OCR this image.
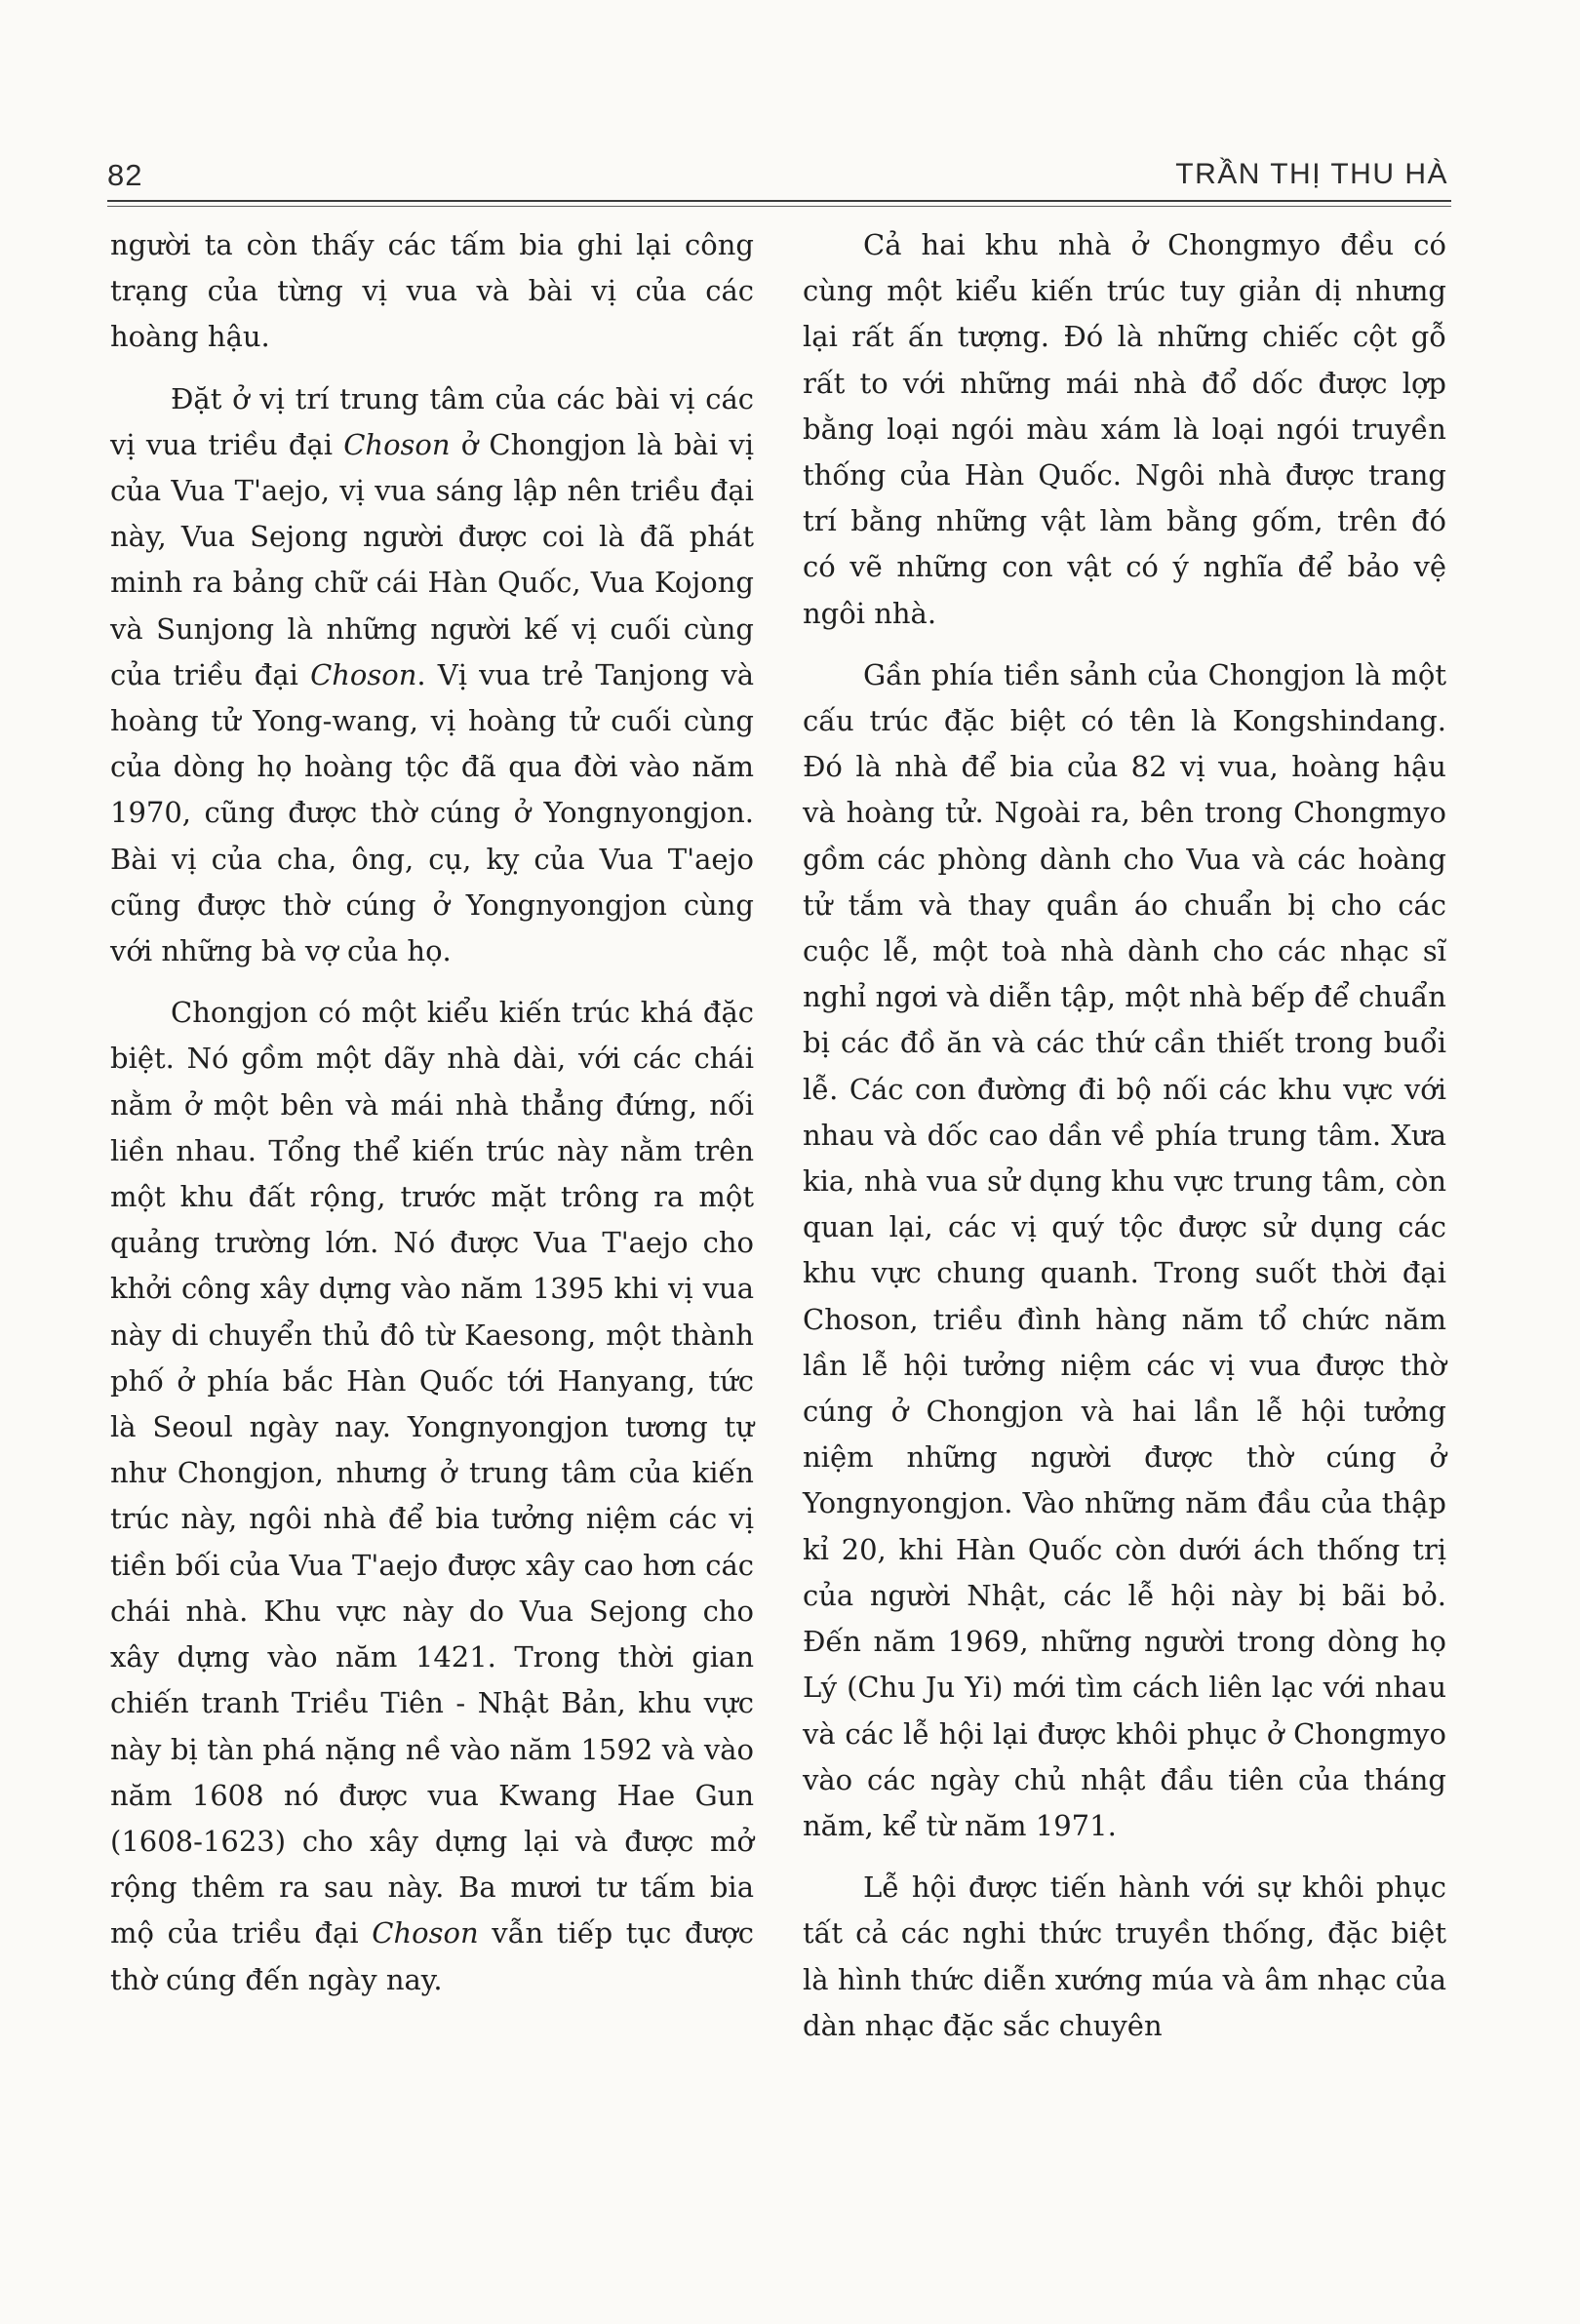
82	TRẦN THỊ THU HÀ

người ta còn thấy các tấm bia ghi lại công trạng của từng vị vua và bài vị của các hoàng hậu.

Đặt ở vị trí trung tâm của các bài vị các vị vua triều đại Choson ở Chongjon là bài vị của Vua T'aejo, vị vua sáng lập nên triều đại này, Vua Sejong người được coi là đã phát minh ra bảng chữ cái Hàn Quốc, Vua Kojong và Sunjong là những người kế vị cuối cùng của triều đại Choson. Vị vua trẻ Tanjong và hoàng tử Yong-wang, vị hoàng tử cuối cùng của dòng họ hoàng tộc đã qua đời vào năm 1970, cũng được thờ cúng ở Yongnyongjon. Bài vị của cha, ông, cụ, kỵ của Vua T'aejo cũng được thờ cúng ở Yongnyongjon cùng với những bà vợ của họ.

Chongjon có một kiểu kiến trúc khá đặc biệt. Nó gồm một dãy nhà dài, với các chái nằm ở một bên và mái nhà thẳng đứng, nối liền nhau. Tổng thể kiến trúc này nằm trên một khu đất rộng, trước mặt trông ra một quảng trường lớn. Nó được Vua T'aejo cho khởi công xây dựng vào năm 1395 khi vị vua này di chuyển thủ đô từ Kaesong, một thành phố ở phía bắc Hàn Quốc tới Hanyang, tức là Seoul ngày nay. Yongnyongjon tương tự như Chongjon, nhưng ở trung tâm của kiến trúc này, ngôi nhà để bia tưởng niệm các vị tiền bối của Vua T'aejo được xây cao hơn các chái nhà. Khu vực này do Vua Sejong cho xây dựng vào năm 1421. Trong thời gian chiến tranh Triều Tiên - Nhật Bản, khu vực này bị tàn phá nặng nề vào năm 1592 và vào năm 1608 nó được vua Kwang Hae Gun (1608-1623) cho xây dựng lại và được mở rộng thêm ra sau này. Ba mươi tư tấm bia mộ của triều đại Choson vẫn tiếp tục được thờ cúng đến ngày nay.

Cả hai khu nhà ở Chongmyo đều có cùng một kiểu kiến trúc tuy giản dị nhưng lại rất ấn tượng. Đó là những chiếc cột gỗ rất to với những mái nhà đổ dốc được lợp bằng loại ngói màu xám là loại ngói truyền thống của Hàn Quốc. Ngôi nhà được trang trí bằng những vật làm bằng gốm, trên đó có vẽ những con vật có ý nghĩa để bảo vệ ngôi nhà.

Gần phía tiền sảnh của Chongjon là một cấu trúc đặc biệt có tên là Kongshindang. Đó là nhà để bia của 82 vị vua, hoàng hậu và hoàng tử. Ngoài ra, bên trong Chongmyo gồm các phòng dành cho Vua và các hoàng tử tắm và thay quần áo chuẩn bị cho các cuộc lễ, một toà nhà dành cho các nhạc sĩ nghỉ ngơi và diễn tập, một nhà bếp để chuẩn bị các đồ ăn và các thứ cần thiết trong buổi lễ. Các con đường đi bộ nối các khu vực với nhau và dốc cao dần về phía trung tâm. Xưa kia, nhà vua sử dụng khu vực trung tâm, còn quan lại, các vị quý tộc được sử dụng các khu vực chung quanh. Trong suốt thời đại Choson, triều đình hàng năm tổ chức năm lần lễ hội tưởng niệm các vị vua được thờ cúng ở Chongjon và hai lần lễ hội tưởng niệm những người được thờ cúng ở Yongnyongjon. Vào những năm đầu của thập kỉ 20, khi Hàn Quốc còn dưới ách thống trị của người Nhật, các lễ hội này bị bãi bỏ. Đến năm 1969, những người trong dòng họ Lý (Chu Ju Yi) mới tìm cách liên lạc với nhau và các lễ hội lại được khôi phục ở Chongmyo vào các ngày chủ nhật đầu tiên của tháng năm, kể từ năm 1971.

Lễ hội được tiến hành với sự khôi phục tất cả các nghi thức truyền thống, đặc biệt là hình thức diễn xướng múa và âm nhạc của dàn nhạc đặc sắc chuyên
